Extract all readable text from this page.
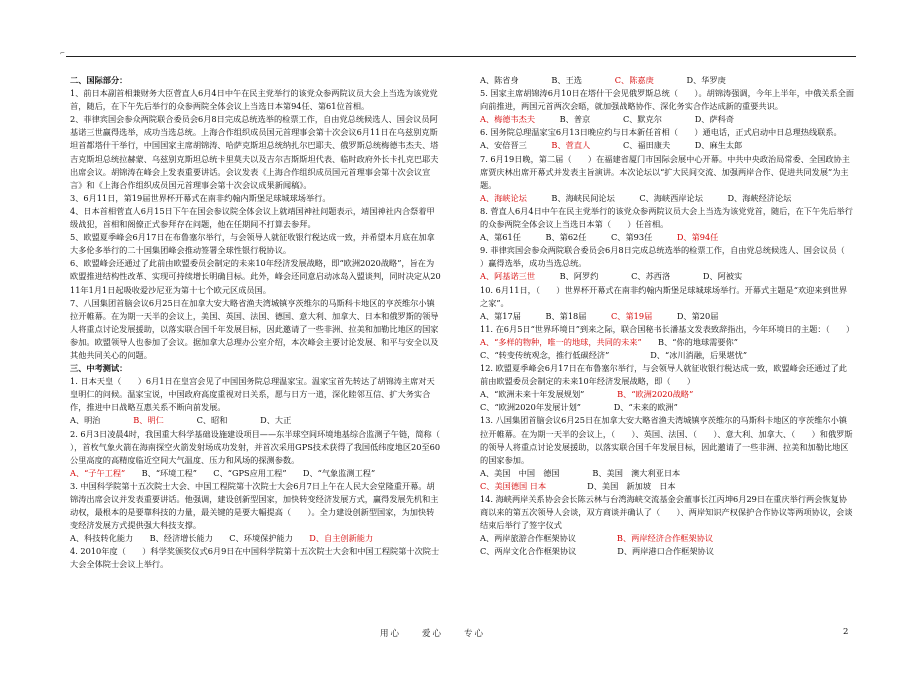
⌐

二、国际部分：

1、前日本副首相兼财务大臣菅直人6月4日中午在民主党举行的该党众参两院议员大会上当选为该党党首，随后，在下午先后举行的众参两院全体会议上当选日本第94任、第61位首相。

2、菲律宾国会参众两院联合委员会6月8日完成总统选举的检票工作，自由党总统候选人、国会议员阿基诺三世赢得选举，成功当选总统。上海合作组织成员国元首理事会第十次会议6月11日在乌兹别克斯坦首都塔什干举行，中国国家主席胡锦涛、哈萨克斯坦总统纳扎尔巴耶夫、俄罗斯总统梅德韦杰夫、塔吉克斯坦总统拉赫蒙、乌兹别克斯坦总统卡里莫夫以及吉尔吉斯斯坦代表、临时政府外长卡扎克巴耶夫出席会议。胡锦涛在峰会上发表重要讲话。会议发表《上海合作组织成员国元首理事会第十次会议宣言》和《上海合作组织成员国元首理事会第十次会议成果新闻稿》。

3、6月11日，第19届世界杯开幕式在南非约翰内斯堡足球城球场举行。

4、日本首相菅直人6月15日下午在国会参议院全体会议上就靖国神社问题表示，靖国神社内合祭着甲级战犯，首相和阁僚正式参拜存在问题，他在任期间不打算去参拜。

5、欧盟夏季峰会6月17日在布鲁塞尔举行，与会领导人就征收银行税达成一致，并希望本月底在加拿大多伦多举行的二十国集团峰会推动签署全球性银行税协议。

6、欧盟峰会还通过了此前由欧盟委员会制定的未来10年经济发展战略，即“欧洲2020战略”，旨在为欧盟推进结构性改革、实现可持续增长明确目标。此外，峰会还同意启动冰岛入盟谈判，同时决定从2011年1月1日起吸收爱沙尼亚为第十七个欧元区成员国。

7、八国集团首脑会议6月25日在加拿大安大略省渔夫湾城镇亨茨维尔的马斯科卡地区的亨茨维尔小镇拉开帷幕。在为期一天半的会议上，美国、英国、法国、德国、意大利、加拿大、日本和俄罗斯的领导人将重点讨论发展援助，以落实联合国千年发展目标，因此邀请了一些非洲、拉美和加勒比地区的国家参加。欧盟领导人也参加了会议。据加拿大总理办公室介绍，本次峰会主要讨论发展、和平与安全以及其他共同关心的问题。

三、中考测试：

1. 日本天皇（　　）6月1日在皇宫会见了中国国务院总理温家宝。温家宝首先转达了胡锦涛主席对天皇明仁的问候。温家宝说，中国政府高度重视对日关系，愿与日方一道，深化睦邻互信、扩大务实合作，推进中日战略互惠关系不断向前发展。

A、明治　　　　B、明仁　　　　C、昭和　　　　D、大正

2. 6月3日凌晨4时，我国重大科学基础设施建设项目——东半球空间环境地基综合监测子午链，简称（　　），首枚气象火箭在海南探空火箭发射场成功发射，并首次采用GPS技术获得了我国低纬度地区20至60公里高度的高精度临近空间大气温度、压力和风场的探测参数。

A、“子午工程”　　B、“环境工程”　　C、“GPS应用工程”　　D、“气象监测工程”

3. 中国科学院第十五次院士大会、中国工程院第十次院士大会6月7日上午在人民大会堂隆重开幕。胡锦涛出席会议并发表重要讲话。他强调，建设创新型国家，加快转变经济发展方式，赢得发展先机和主动权，最根本的是要靠科技的力量，最关键的是要大幅提高（　　）。全力建设创新型国家，为加快转变经济发展方式提供强大科技支撑。

A、科技转化能力　　B、经济增长能力　　C、环境保护能力　　D、自主创新能力

4. 2010年度（　　）科学奖颁奖仪式6月9日在中国科学院第十五次院士大会和中国工程院第十次院士大会全体院士会议上举行。

A、陈省身　　　　B、王选　　　　C、陈嘉庚　　　　D、华罗庚

5. 国家主席胡锦涛6月10日在塔什干会见俄罗斯总统（　　）。胡锦涛强调，今年上半年，中俄关系全面向前推进，两国元首两次会晤，就加强战略协作、深化务实合作达成新的重要共识。

A、梅德韦杰夫　　　B、普京　　　　C、默克尔　　　　D、萨科奇

6. 国务院总理温家宝6月13日晚应约与日本新任首相（　　）通电话，正式启动中日总理热线联系。

A、安倍晋三　　　B、菅直人　　　　C、福田康夫　　　D、麻生太郎

7. 6月19日晚，第二届（　　）在福建省厦门市国际会展中心开幕。中共中央政治局常委、全国政协主席贾庆林出席开幕式并发表主旨演讲。本次论坛以“扩大民间交流、加强两岸合作、促进共同发展”为主题。

A、海峡论坛　　　B、海峡民间论坛　　　C、海峡西岸论坛　　　D、海峡经济论坛

8. 菅直人6月4日中午在民主党举行的该党众参两院议员大会上当选为该党党首，随后，在下午先后举行的众参两院全体会议上当选日本第（　　）任首相。

A、第61任　　　B、第62任　　　C、第93任　　　D、第94任

9. 菲律宾国会参众两院联合委员会6月8日完成总统选举的检票工作，自由党总统候选人、国会议员（　　）赢得选举，成功当选总统。

A、阿基诺三世　　　B、阿罗约　　　　C、苏西洛　　　　D、阿被实

10. 6月11日，（　　）世界杯开幕式在南非约翰内斯堡足球城球场举行。开幕式主题是“欢迎来到世界之家”。

A、第17届　　　B、第18届　　　C、第19届　　　D、第20届

11. 在6月5日“世界环境日”到来之际，联合国秘书长潘基文发表致辞指出，今年环境日的主题：（　　）

A、“多样的物种，唯一的地球，共同的未来”　　B、“你的地球需要你”

C、“转变传统观念，推行低碳经济”　　　　　D、“冰川消融，后果堪忧”

12. 欧盟夏季峰会6月17日在布鲁塞尔举行，与会领导人就征收银行税达成一致，欧盟峰会还通过了此前由欧盟委员会制定的未来10年经济发展战略，即（　　）

A、“欧洲未来十年发展规划”　　　　B、“欧洲2020战略”

C、“欧洲2020年发展计划”　　　　D、“未来的欧洲”

13. 八国集团首脑会议6月25日在加拿大安大略省渔夫湾城镇亨茨维尔的马斯科卡地区的亨茨维尔小镇拉开帷幕。在为期一天半的会议上，（　　）、英国、法国、（　　）、意大利、加拿大、（　　）和俄罗斯的领导人将重点讨论发展援助，以落实联合国千年发展目标，因此邀请了一些非洲、拉美和加勒比地区的国家参加。

A、美国　中国　德国　　　　B、美国　澳大利亚日本

C、美国德国 日本　　　　　D、美国　新加坡　日本

14. 海峡两岸关系协会会长陈云林与台湾海峡交流基金会董事长江丙坤6月29日在重庆举行两会恢复协商以来的第五次领导人会谈，双方商谈并确认了（　　）、两岸知识产权保护合作协议等两项协议，会谈结束后举行了签字仪式

A、两岸旅游合作框架协议　　　　　B、两岸经济合作框架协议

C、两岸文化合作框架协议　　　　　D、两岸港口合作框架协议

用心　　爱心　　专心	2
